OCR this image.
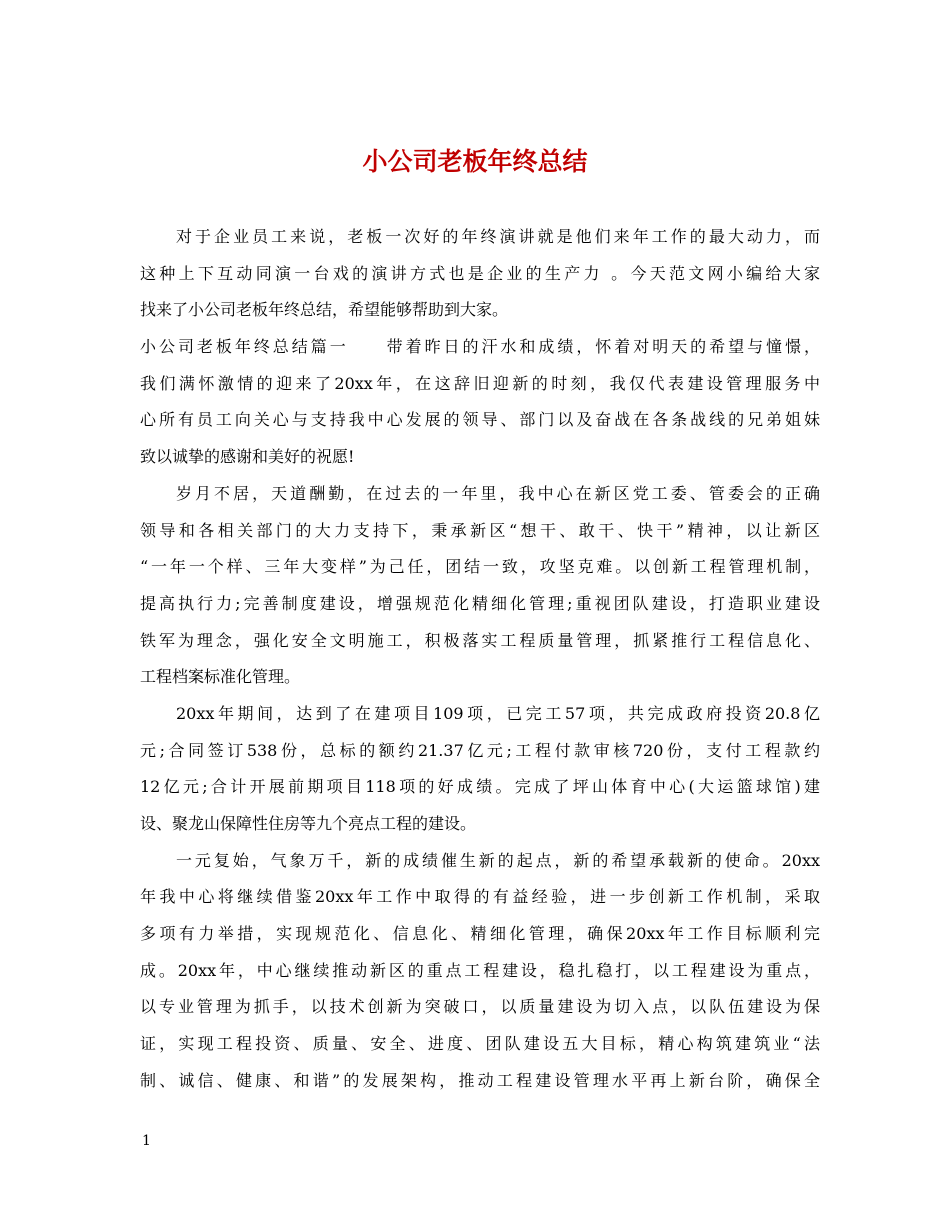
小公司老板年终总结
对于企业员工来说，老板一次好的年终演讲就是他们来年工作的最大动力，而
这种上下互动同演一台戏的演讲方式也是企业的生产力 。今天范文网小编给大家
找来了小公司老板年终总结，希望能够帮助到大家。
小公司老板年终总结篇一　　带着昨日的汗水和成绩，怀着对明天的希望与憧憬，
我们满怀激情的迎来了20xx年，在这辞旧迎新的时刻，我仅代表建设管理服务中
心所有员工向关心与支持我中心发展的领导、部门以及奋战在各条战线的兄弟姐妹
致以诚挚的感谢和美好的祝愿!
岁月不居，天道酬勤，在过去的一年里，我中心在新区党工委、管委会的正确
领导和各相关部门的大力支持下，秉承新区“想干、敢干、快干”精神，以让新区
“一年一个样、三年大变样”为己任，团结一致，攻坚克难。以创新工程管理机制，
提高执行力;完善制度建设，增强规范化精细化管理;重视团队建设，打造职业建设
铁军为理念，强化安全文明施工，积极落实工程质量管理，抓紧推行工程信息化、
工程档案标准化管理。
20xx年期间，达到了在建项目109项，已完工57项，共完成政府投资20.8亿
元;合同签订538份，总标的额约21.37亿元;工程付款审核720份，支付工程款约
12亿元;合计开展前期项目118项的好成绩。完成了坪山体育中心(大运篮球馆)建
设、聚龙山保障性住房等九个亮点工程的建设。
一元复始，气象万千，新的成绩催生新的起点，新的希望承载新的使命。20xx
年我中心将继续借鉴20xx年工作中取得的有益经验，进一步创新工作机制，采取
多项有力举措，实现规范化、信息化、精细化管理，确保20xx年工作目标顺利完
成。20xx年，中心继续推动新区的重点工程建设，稳扎稳打，以工程建设为重点，
以专业管理为抓手，以技术创新为突破口，以质量建设为切入点，以队伍建设为保
证，实现工程投资、质量、安全、进度、团队建设五大目标，精心构筑建筑业“法
制、诚信、健康、和谐”的发展架构，推动工程建设管理水平再上新台阶，确保全
1
